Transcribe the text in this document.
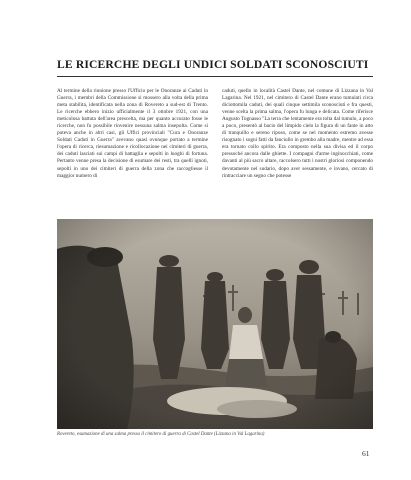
LE RICERCHE DEGLI UNDICI SOLDATI SCONOSCIUTI

Al termine della riunione presso l'Ufficio per le Onoranze ai Caduti in Guerra, i membri della Commissione si mossero alla volta della prima meta stabilita, identificata nella zona di Rovereto a sud-est di Trento. Le ricerche ebbero inizio ufficialmente il 3 ottobre 1921, con una meticolosa battuta dell'area prescelta, ma per quanto accurato fosse le ricerche, non fu possibile rinvenire nessuna salma insepolta. Come si poteva anche in altri casi, gli Uffici provinciali "Cura e Onoranze Soldati Caduti in Guerra" avevano quasi ovunque portato a termine l'opera di ricerca, riesumazione e ricollocazione nei cimiteri di guerra, dei caduti lasciati sui campi di battaglia e sepolti in luoghi di fortuna. Pertanto venne presa la decisione di esumare dei resti, tra quelli ignoti, sepolti in uno dei cimiteri di guerra della zona che raccogliesse il maggior numero di

caduti, quello in località Castel Dante, nel comune di Lizzana in Val Lagarina. Nel 1921, nel cimitero di Castel Dante erano tumulati circa diciottomila caduti, dei quali cinque settimila sconosciuti e fra questi, venne scelta la prima salma, l'opera fu lunga e delicata. Come riferisce Augusto Tognasso "La terra che lentamente era tolta dal tumulo, a poco a poco, presentò al bacio del limpido cielo la figura di un fante in atto di tranquillo e sereno riposo, come se nel momento estremo avesse risognato i sogni fatti da fanciullo in grembo alla madre, mentre ad essa era tornato collo spirito. Era composto nella sua divisa ed il corpo pressoché ancora dalle ghiette. I compagni d'arme inginocchiati, come davanti al più sacro altare, raccolsero tutti i nostri gloriosi componendo devotamente nel sudario, dopo aver sessamente, e invano, cercato di rintracciare un segno che potesse

Rovereto, esumazione di una salma presso il cimitero di guerra di Castel Dante (Lizzana in Val Lagarina)
61
